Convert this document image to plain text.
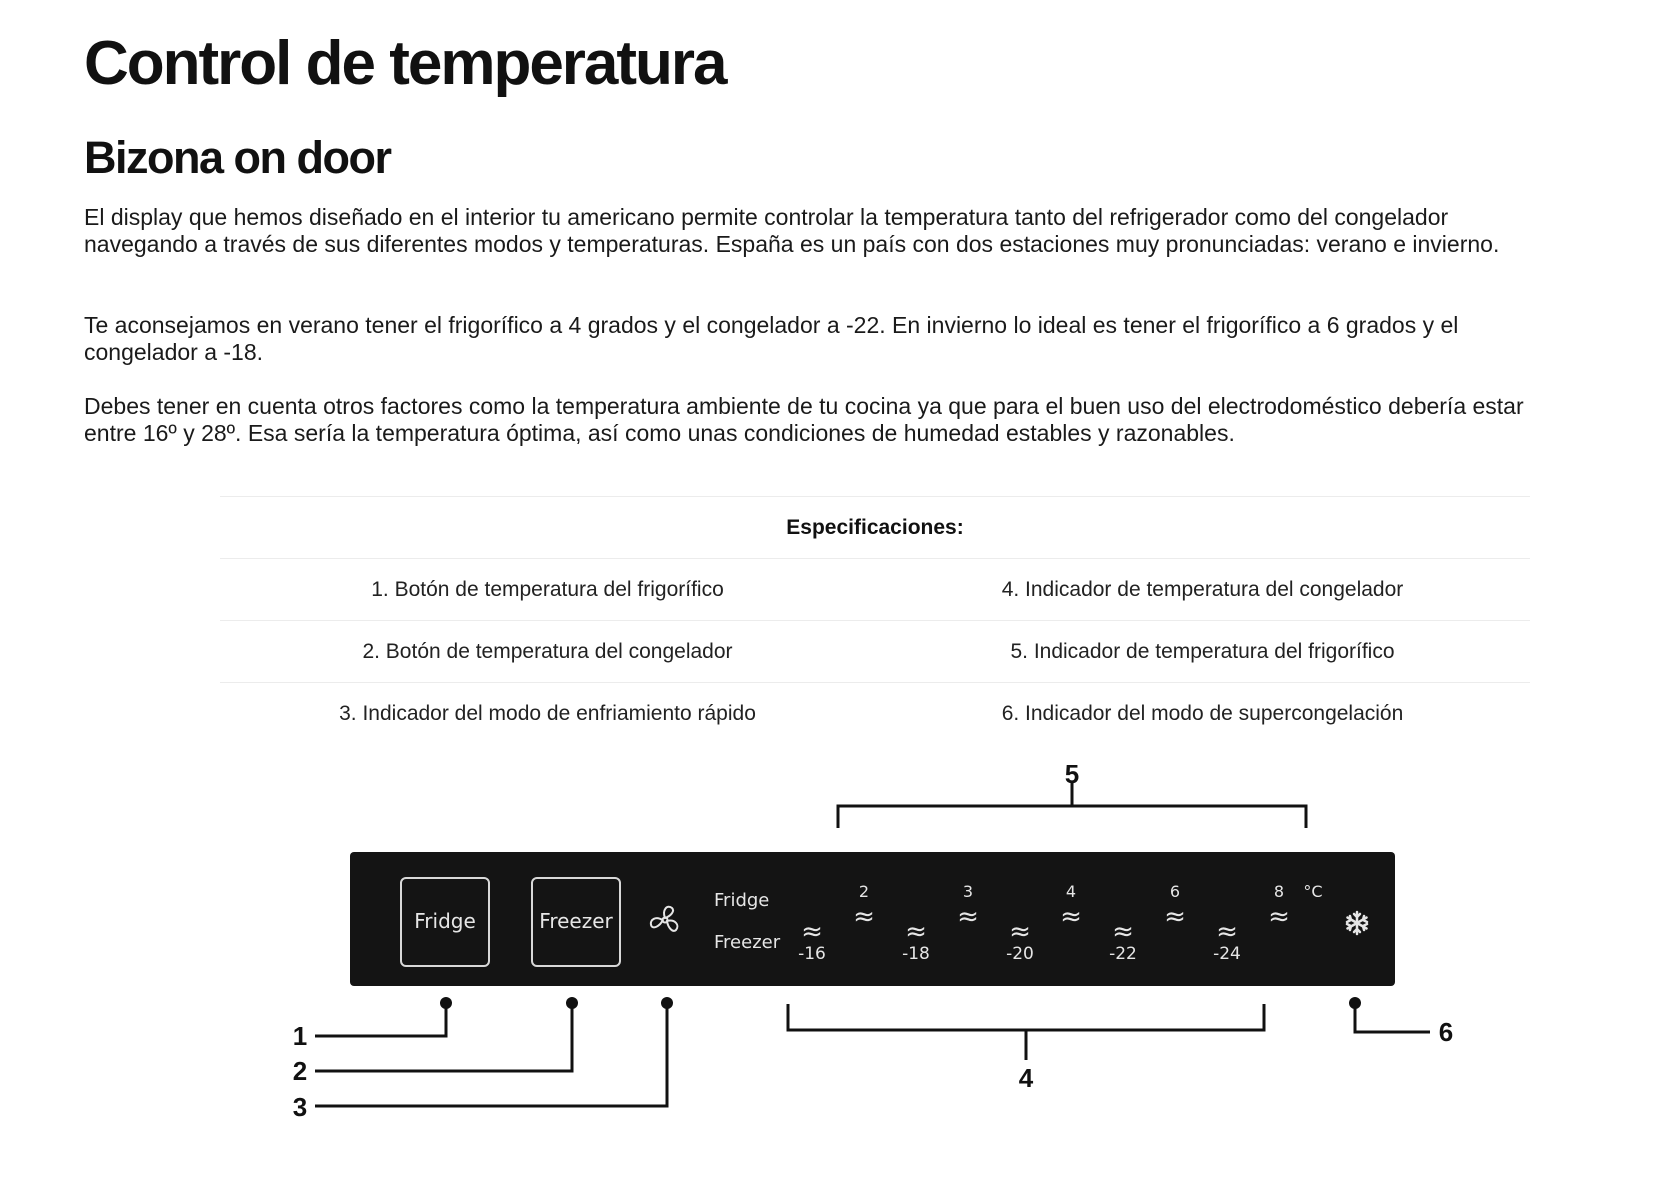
Control de temperatura
Bizona on door

El display que hemos diseñado en el interior tu americano permite controlar la temperatura tanto del refrigerador como del congelador navegando a través de sus diferentes modos y temperaturas. España es un país con dos estaciones muy pronunciadas: verano e invierno.

Te aconsejamos en verano tener el frigorífico a 4 grados y el congelador a -22. En invierno lo ideal es tener el frigorífico a 6 grados y el congelador a -18.

Debes tener en cuenta otros factores como la temperatura ambiente de tu cocina ya que para el buen uso del electrodoméstico debería estar entre 16º y 28º. Esa sería la temperatura óptima, así como unas condiciones de humedad estables y razonables.

Especificaciones:
1. Botón de temperatura del frigorífico	4. Indicador de temperatura del congelador
2. Botón de temperatura del congelador	5. Indicador de temperatura del frigorífico
3. Indicador del modo de enfriamiento rápido	6. Indicador del modo de supercongelación
5
Fridge	Freezer
Fridge
Freezer
2
≈
3
≈
4
≈
6
≈
8
≈
°C
≈
-16
≈
-18
≈
-20
≈
-22
≈
-24
1
2
3
4
6
